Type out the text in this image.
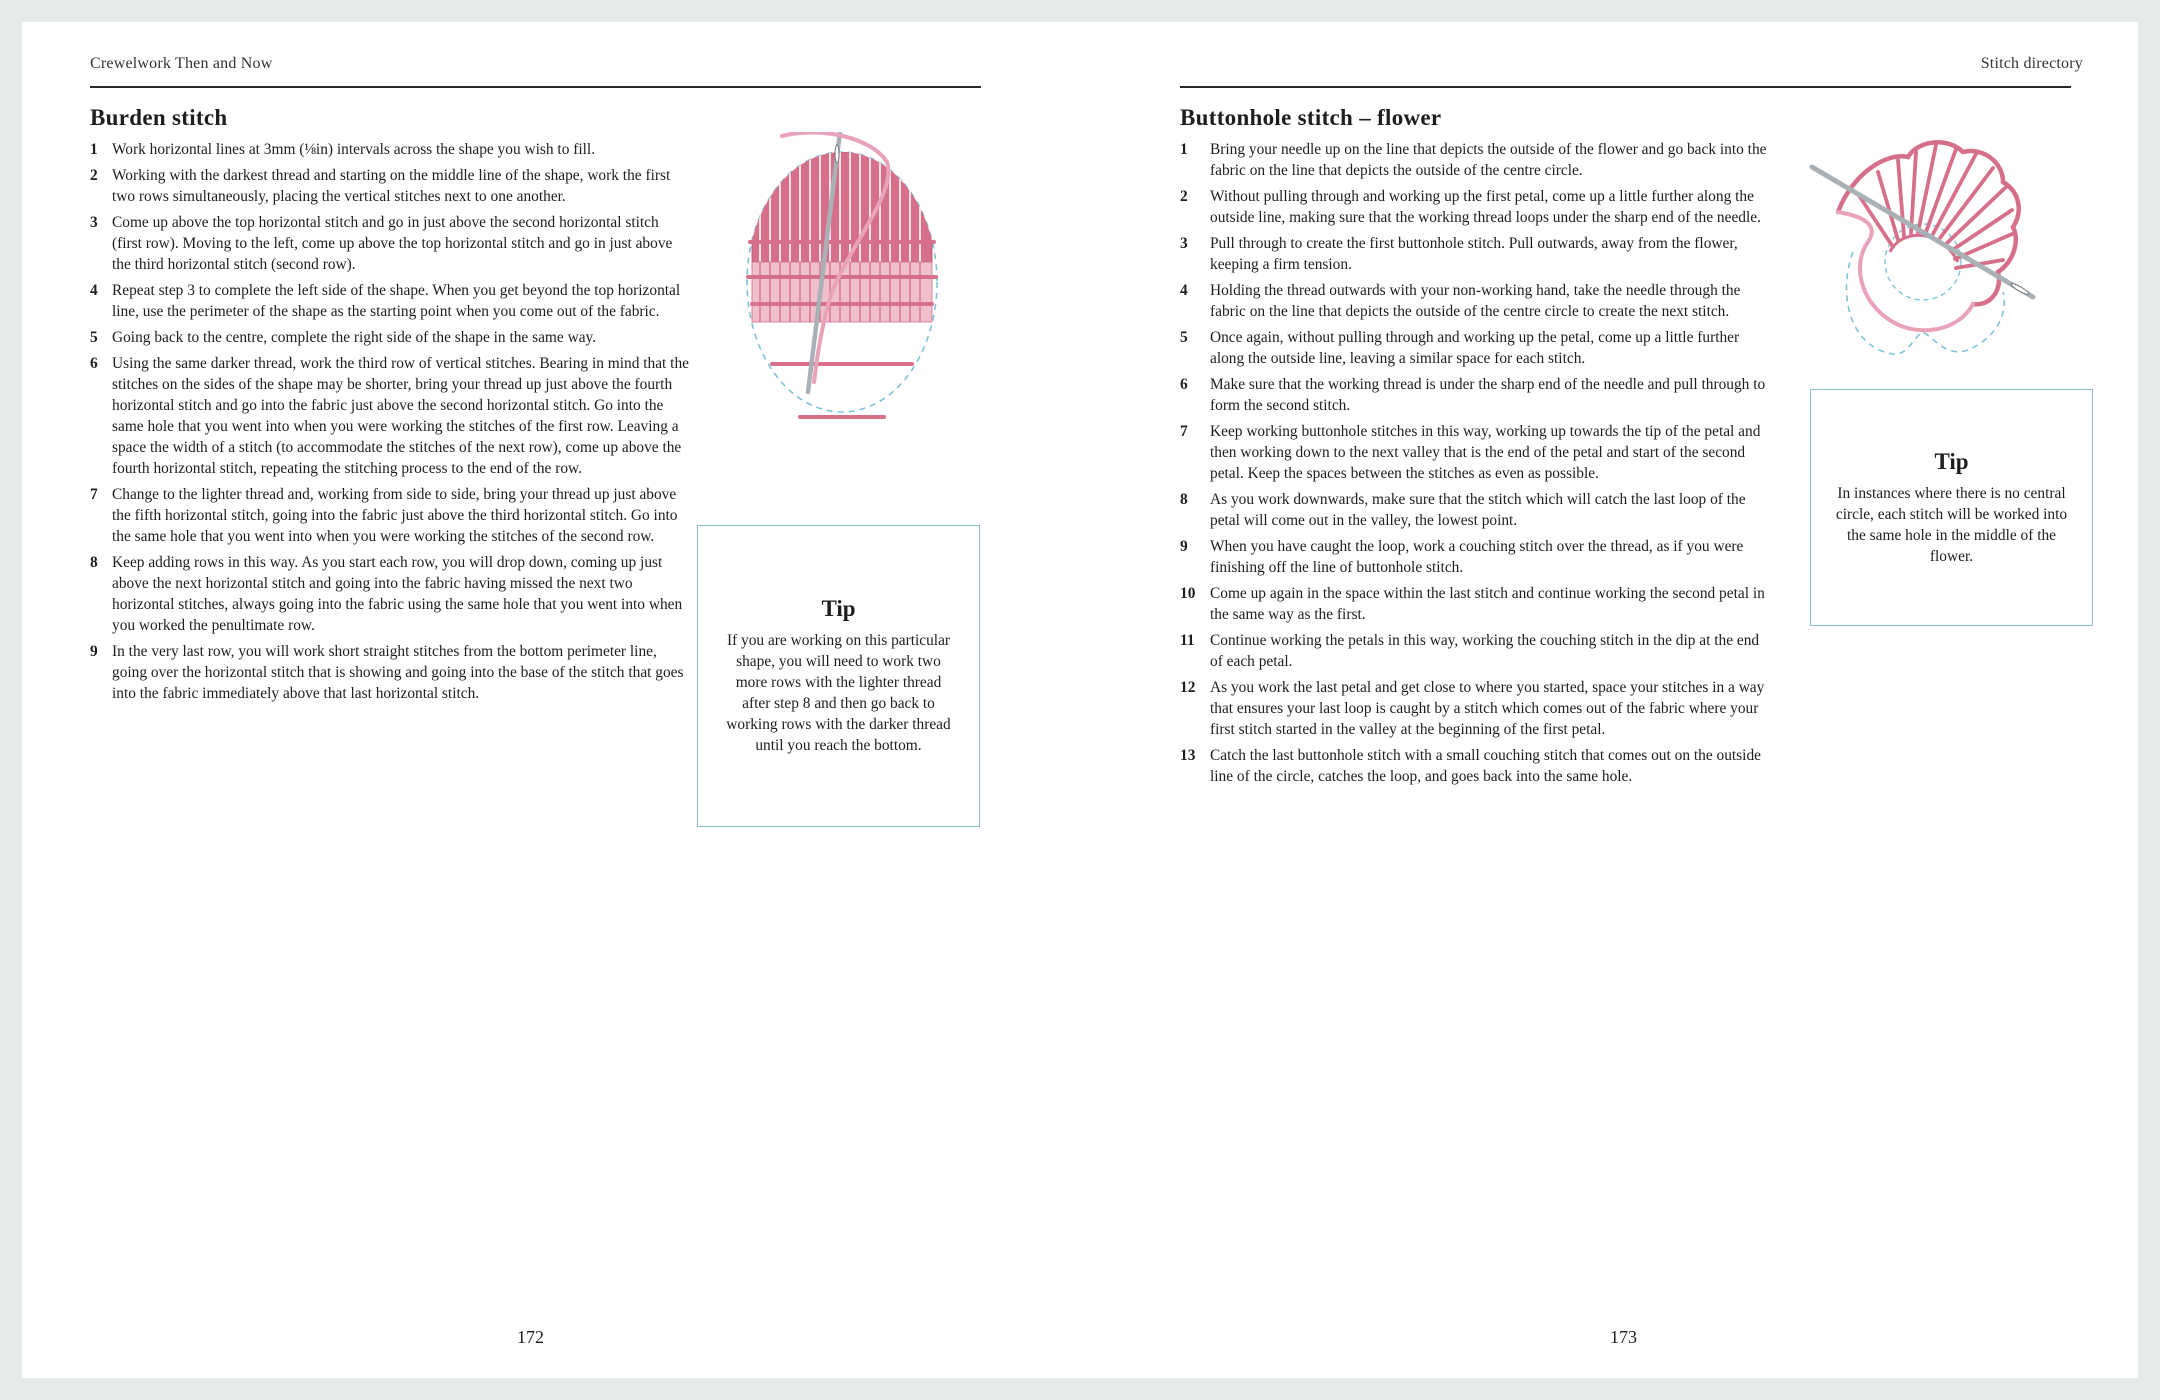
Crewelwork Then and Now
Burden stitch
1 Work horizontal lines at 3mm (⅛in) intervals across the shape you wish to fill.
2 Working with the darkest thread and starting on the middle line of the shape, work the first two rows simultaneously, placing the vertical stitches next to one another.
3 Come up above the top horizontal stitch and go in just above the second horizontal stitch (first row). Moving to the left, come up above the top horizontal stitch and go in just above the third horizontal stitch (second row).
4 Repeat step 3 to complete the left side of the shape. When you get beyond the top horizontal line, use the perimeter of the shape as the starting point when you come out of the fabric.
5 Going back to the centre, complete the right side of the shape in the same way.
6 Using the same darker thread, work the third row of vertical stitches. Bearing in mind that the stitches on the sides of the shape may be shorter, bring your thread up just above the fourth horizontal stitch and go into the fabric just above the second horizontal stitch. Go into the same hole that you went into when you were working the stitches of the first row. Leaving a space the width of a stitch (to accommodate the stitches of the next row), come up above the fourth horizontal stitch, repeating the stitching process to the end of the row.
7 Change to the lighter thread and, working from side to side, bring your thread up just above the fifth horizontal stitch, going into the fabric just above the third horizontal stitch. Go into the same hole that you went into when you were working the stitches of the second row.
8 Keep adding rows in this way. As you start each row, you will drop down, coming up just above the next horizontal stitch and going into the fabric having missed the next two horizontal stitches, always going into the fabric using the same hole that you went into when you worked the penultimate row.
9 In the very last row, you will work short straight stitches from the bottom perimeter line, going over the horizontal stitch that is showing and going into the base of the stitch that goes into the fabric immediately above that last horizontal stitch.
Tip

If you are working on this particular shape, you will need to work two more rows with the lighter thread after step 8 and then go back to working rows with the darker thread until you reach the bottom.

172
Stitch directory
Buttonhole stitch – flower
1 Bring your needle up on the line that depicts the outside of the flower and go back into the fabric on the line that depicts the outside of the centre circle.
2 Without pulling through and working up the first petal, come up a little further along the outside line, making sure that the working thread loops under the sharp end of the needle.
3 Pull through to create the first buttonhole stitch. Pull outwards, away from the flower, keeping a firm tension.
4 Holding the thread outwards with your non-working hand, take the needle through the fabric on the line that depicts the outside of the centre circle to create the next stitch.
5 Once again, without pulling through and working up the petal, come up a little further along the outside line, leaving a similar space for each stitch.
6 Make sure that the working thread is under the sharp end of the needle and pull through to form the second stitch.
7 Keep working buttonhole stitches in this way, working up towards the tip of the petal and then working down to the next valley that is the end of the petal and start of the second petal. Keep the spaces between the stitches as even as possible.
8 As you work downwards, make sure that the stitch which will catch the last loop of the petal will come out in the valley, the lowest point.
9 When you have caught the loop, work a couching stitch over the thread, as if you were finishing off the line of buttonhole stitch.
10 Come up again in the space within the last stitch and continue working the second petal in the same way as the first.
11 Continue working the petals in this way, working the couching stitch in the dip at the end of each petal.
12 As you work the last petal and get close to where you started, space your stitches in a way that ensures your last loop is caught by a stitch which comes out of the fabric where your first stitch started in the valley at the beginning of the first petal.
13 Catch the last buttonhole stitch with a small couching stitch that comes out on the outside line of the circle, catches the loop, and goes back into the same hole.
Tip

In instances where there is no central circle, each stitch will be worked into the same hole in the middle of the flower.

173
